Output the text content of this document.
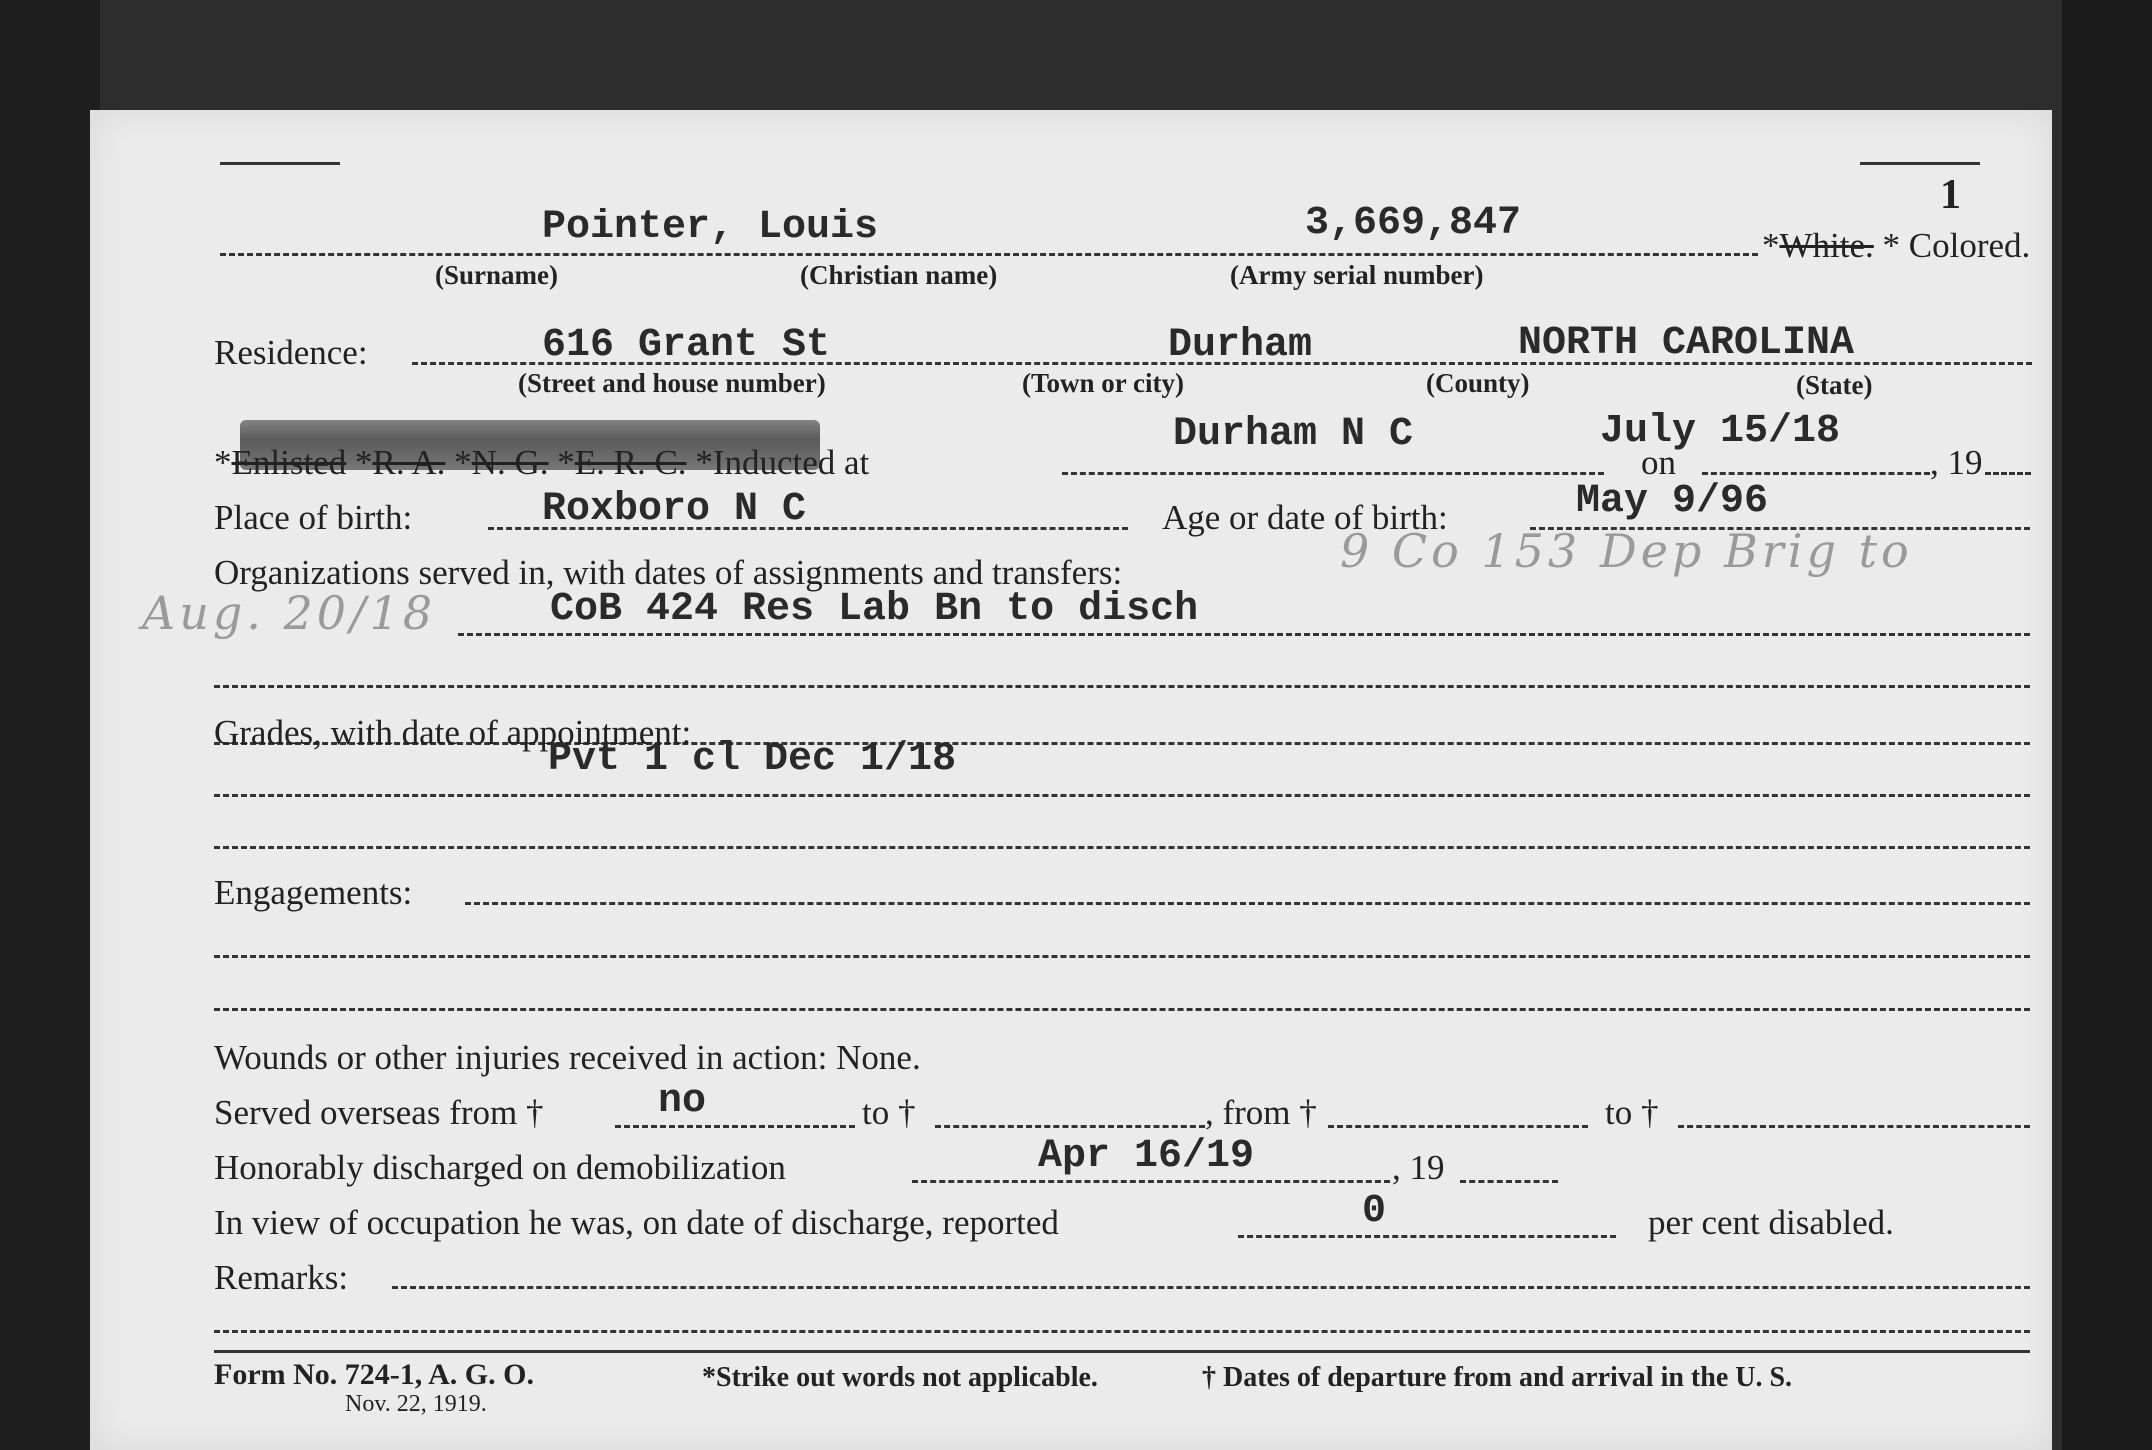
1
Pointer, Louis	3,669,847	*White. * Colored.
(Surname)	(Christian name)	(Army serial number)
Residence:	616 Grant St	Durham	NORTH CAROLINA
(Street and house number)	(Town or city)	(County)	(State)
*Enlisted *R. A. *N. G. *E. R. C. *Inducted at
Durham N C	July 15/18
on	, 19
Place of birth:	Roxboro N C	Age or date of birth:	May 9/96
Organizations served in, with dates of assignments and transfers:	9 Co 153 Dep Brig to
Aug. 20/18	CoB 424 Res Lab Bn to disch
Grades, with date of appointment:
Pvt 1 cl Dec 1/18
Engagements:
Wounds or other injuries received in action: None.
Served overseas from †	no	to †	, from †	to †
Honorably discharged on demobilization	Apr 16/19	, 19
In view of occupation he was, on date of discharge, reported	0	per cent disabled.
Remarks:
Form No. 724-1, A. G. O.
Nov. 22, 1919.
*Strike out words not applicable.	† Dates of departure from and arrival in the U. S.
